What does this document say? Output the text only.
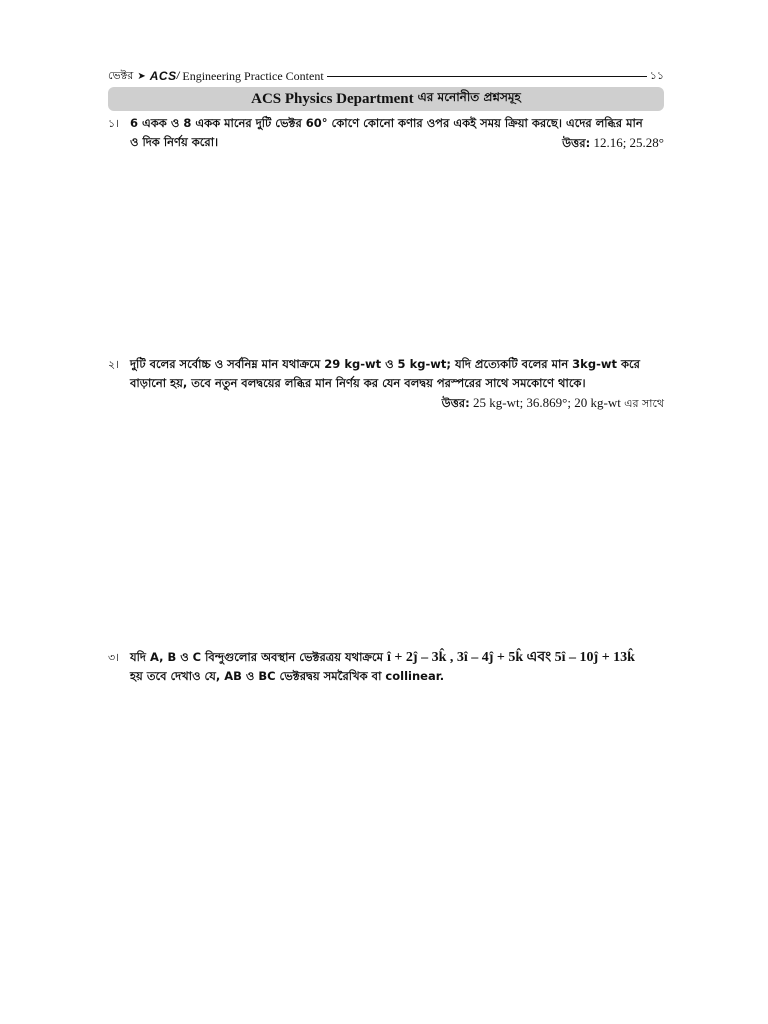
ভেক্টর ➤ ACS / Engineering Practice Content	১১
ACS Physics Department এর মনোনীত প্রশ্নসমূহ
১। 6 একক ও 8 একক মানের দুটি ভেক্টর 60° কোণে কোনো কণার ওপর একই সময় ক্রিয়া করছে। এদের লব্ধির মান
ও দিক নির্ণয় করো।	উত্তর: 12.16; 25.28°
২। দুটি বলের সর্বোচ্চ ও সর্বনিম্ন মান যথাক্রমে 29 kg-wt ও 5 kg-wt; যদি প্রত্যেকটি বলের মান 3kg-wt করে
বাড়ানো হয়, তবে নতুন বলদ্বয়ের লব্ধির মান নির্ণয় কর যেন বলদ্বয় পরস্পরের সাথে সমকোণে থাকে।
উত্তর: 25 kg-wt; 36.869°; 20 kg-wt এর সাথে
৩। যদি A, B ও C বিন্দুগুলোর অবস্থান ভেক্টরত্রয় যথাক্রমে î + 2ĵ – 3k̂ , 3î – 4ĵ + 5k̂ এবং 5î – 10ĵ + 13k̂
হয় তবে দেখাও যে, AB ও BC ভেক্টরদ্বয় সমরৈখিক বা collinear.
